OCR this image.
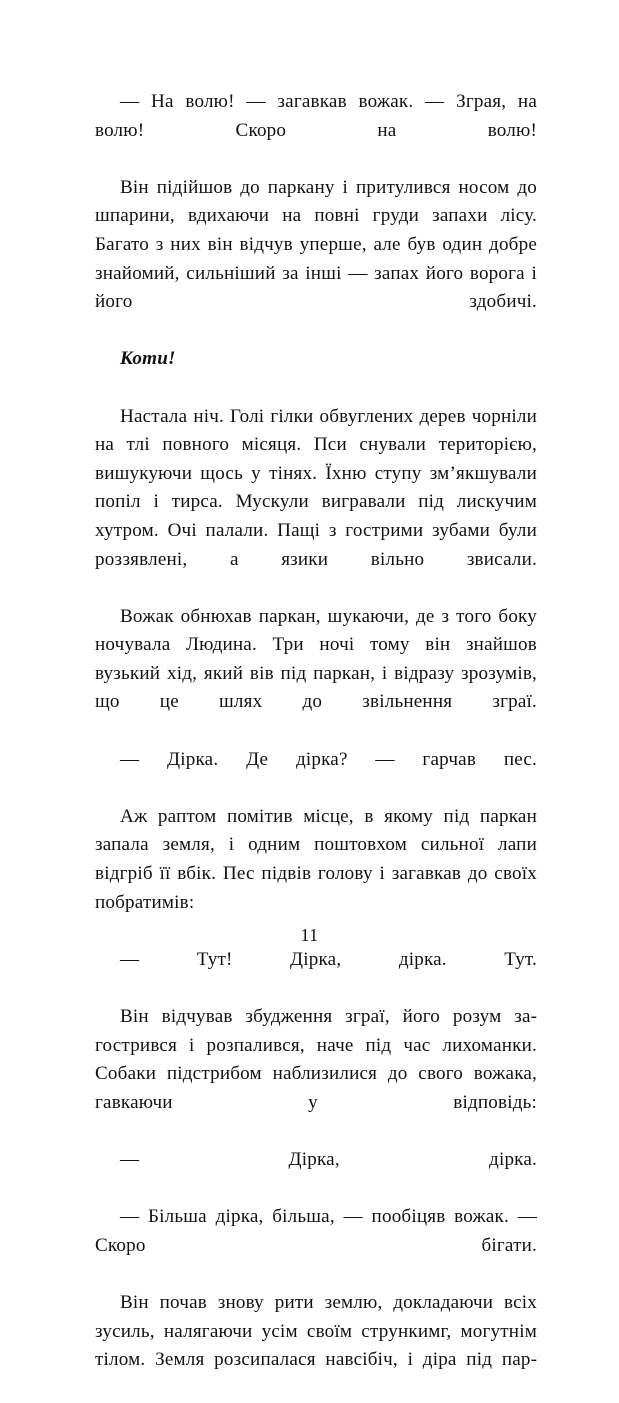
— На волю! — загавкав вожак. — Зграя, на волю! Скоро на волю!

Він підійшов до паркану і притулився носом до шпарини, вдихаючи на повні груди запахи лісу. Багато з них він відчув уперше, але був один добре знайомий, сильніший за інші — запах його ворога і його здобичі.

Коти!

Настала ніч. Голі гілки обвуглених дерев чорніли на тлі повного місяця. Пси снували територією, вишукуючи щось у тінях. Їхню ступу зм’якшували попіл і тирса. Мускули вигравали під лискучим хутром. Очі палали. Пащі з гострими зубами були роззявлені, а язики вільно звисали.

Вожак обнюхав паркан, шукаючи, де з того боку ночувала Людина. Три ночі тому він знайшов вузький хід, який вів під паркан, і відразу зрозумів, що це шлях до звільнення зграї.

— Дірка. Де дірка? — гарчав пес.

Аж раптом помітив місце, в якому під паркан запала земля, і одним поштовхом сильної лапи відгріб її вбік. Пес підвів голову і загавкав до своїх побратимів:

— Тут! Дірка, дірка. Тут.

Він відчував збудження зграї, його розум загострився і розпалився, наче під час лихоманки. Собаки підстрибом наблизилися до свого вожака, гавкаючи у відповідь:

— Дірка, дірка.

— Більша дірка, більша, — пообіцяв вожак. — Скоро бігати.

Він почав знову рити землю, докладаючи всіх зусиль, налягаючи усім своїм стрункимг, могутнім тілом. Земля розсипалася навсібіч, і діра під пар

11
